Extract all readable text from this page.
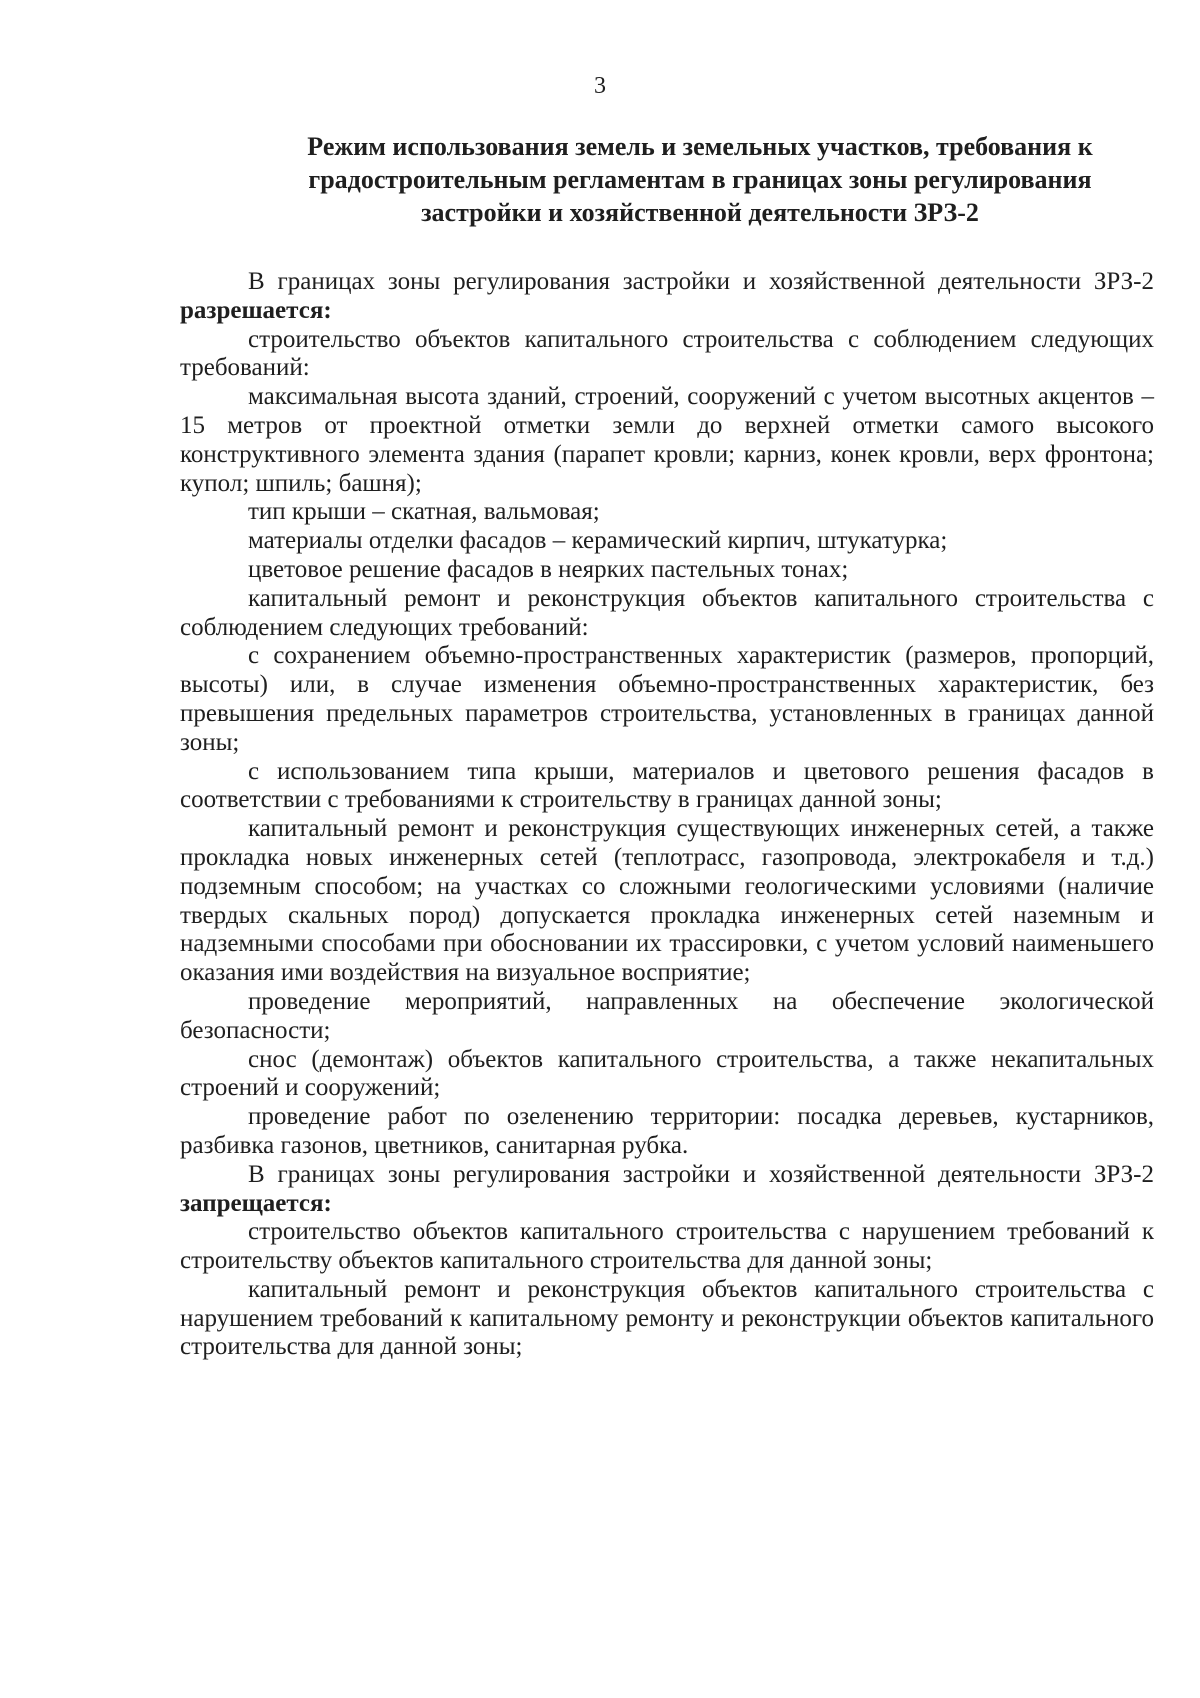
3
Режим использования земель и земельных участков, требования к
градостроительным регламентам в границах зоны регулирования
застройки и хозяйственной деятельности ЗРЗ-2

В границах зоны регулирования застройки и хозяйственной деятельности ЗРЗ-2 разрешается:

строительство объектов капитального строительства с соблюдением следующих требований:

максимальная высота зданий, строений, сооружений с учетом высотных акцентов – 15 метров от проектной отметки земли до верхней отметки самого высокого конструктивного элемента здания (парапет кровли; карниз, конек кровли, верх фронтона; купол; шпиль; башня);

тип крыши – скатная, вальмовая;

материалы отделки фасадов – керамический кирпич, штукатурка;

цветовое решение фасадов в неярких пастельных тонах;

капитальный ремонт и реконструкция объектов капитального строительства с соблюдением следующих требований:

с сохранением объемно-пространственных характеристик (размеров, пропорций, высоты) или, в случае изменения объемно-пространственных характеристик, без превышения предельных параметров строительства, установленных в границах данной зоны;

с использованием типа крыши, материалов и цветового решения фасадов в соответствии с требованиями к строительству в границах данной зоны;

капитальный ремонт и реконструкция существующих инженерных сетей, а также прокладка новых инженерных сетей (теплотрасс, газопровода, электрокабеля и т.д.) подземным способом; на участках со сложными геологическими условиями (наличие твердых скальных пород) допускается прокладка инженерных сетей наземным и надземными способами при обосновании их трассировки, с учетом условий наименьшего оказания ими воздействия на визуальное восприятие;

проведение мероприятий, направленных на обеспечение экологической безопасности;

снос (демонтаж) объектов капитального строительства, а также некапитальных строений и сооружений;

проведение работ по озеленению территории: посадка деревьев, кустарников, разбивка газонов, цветников, санитарная рубка.

В границах зоны регулирования застройки и хозяйственной деятельности ЗРЗ-2 запрещается:

строительство объектов капитального строительства с нарушением требований к строительству объектов капитального строительства для данной зоны;

капитальный ремонт и реконструкция объектов капитального строительства с нарушением требований к капитальному ремонту и реконструкции объектов капитального строительства для данной зоны;
